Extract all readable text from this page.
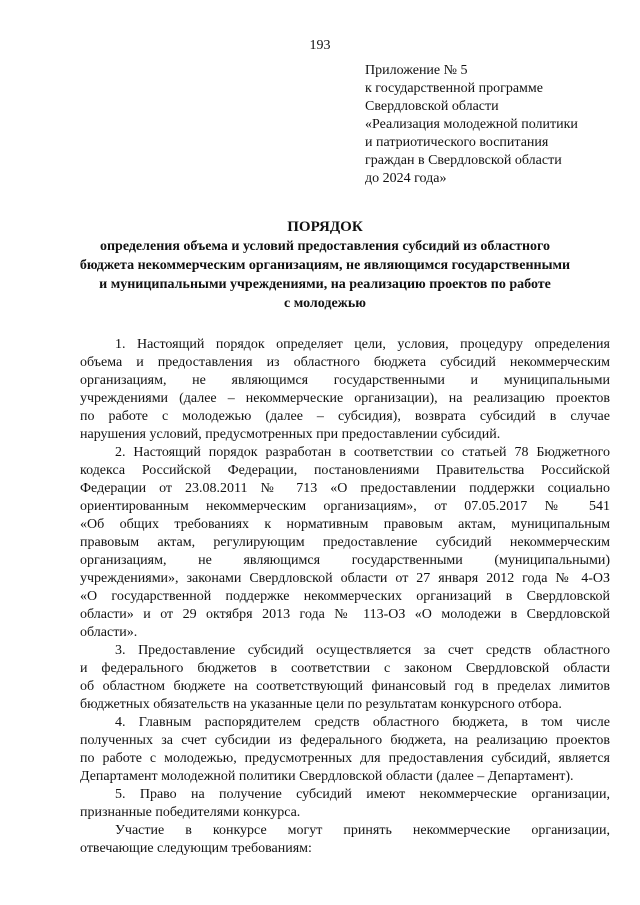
193
Приложение № 5
к государственной программе
Свердловской области
«Реализация молодежной политики
и патриотического воспитания
граждан в Свердловской области
до 2024 года»
ПОРЯДОК
определения объема и условий предоставления субсидий из областного
бюджета некоммерческим организациям, не являющимся государственными
и муниципальными учреждениями, на реализацию проектов по работе
с молодежью
1. Настоящий порядок определяет цели, условия, процедуру определения
объема и предоставления из областного бюджета субсидий некоммерческим
организациям, не являющимся государственными и муниципальными
учреждениями (далее – некоммерческие организации), на реализацию проектов
по работе с молодежью (далее – субсидия), возврата субсидий в случае
нарушения условий, предусмотренных при предоставлении субсидий.
2. Настоящий порядок разработан в соответствии со статьей 78 Бюджетного
кодекса Российской Федерации, постановлениями Правительства Российской
Федерации от 23.08.2011 № 713 «О предоставлении поддержки социально
ориентированным некоммерческим организациям», от 07.05.2017 № 541
«Об общих требованиях к нормативным правовым актам, муниципальным
правовым актам, регулирующим предоставление субсидий некоммерческим
организациям, не являющимся государственными (муниципальными)
учреждениями», законами Свердловской области от 27 января 2012 года № 4-ОЗ
«О государственной поддержке некоммерческих организаций в Свердловской
области» и от 29 октября 2013 года № 113-ОЗ «О молодежи в Свердловской
области».
3. Предоставление субсидий осуществляется за счет средств областного
и федерального бюджетов в соответствии с законом Свердловской области
об областном бюджете на соответствующий финансовый год в пределах лимитов
бюджетных обязательств на указанные цели по результатам конкурсного отбора.
4. Главным распорядителем средств областного бюджета, в том числе
полученных за счет субсидии из федерального бюджета, на реализацию проектов
по работе с молодежью, предусмотренных для предоставления субсидий, является
Департамент молодежной политики Свердловской области (далее – Департамент).
5. Право на получение субсидий имеют некоммерческие организации,
признанные победителями конкурса.
Участие в конкурсе могут принять некоммерческие организации,
отвечающие следующим требованиям:
